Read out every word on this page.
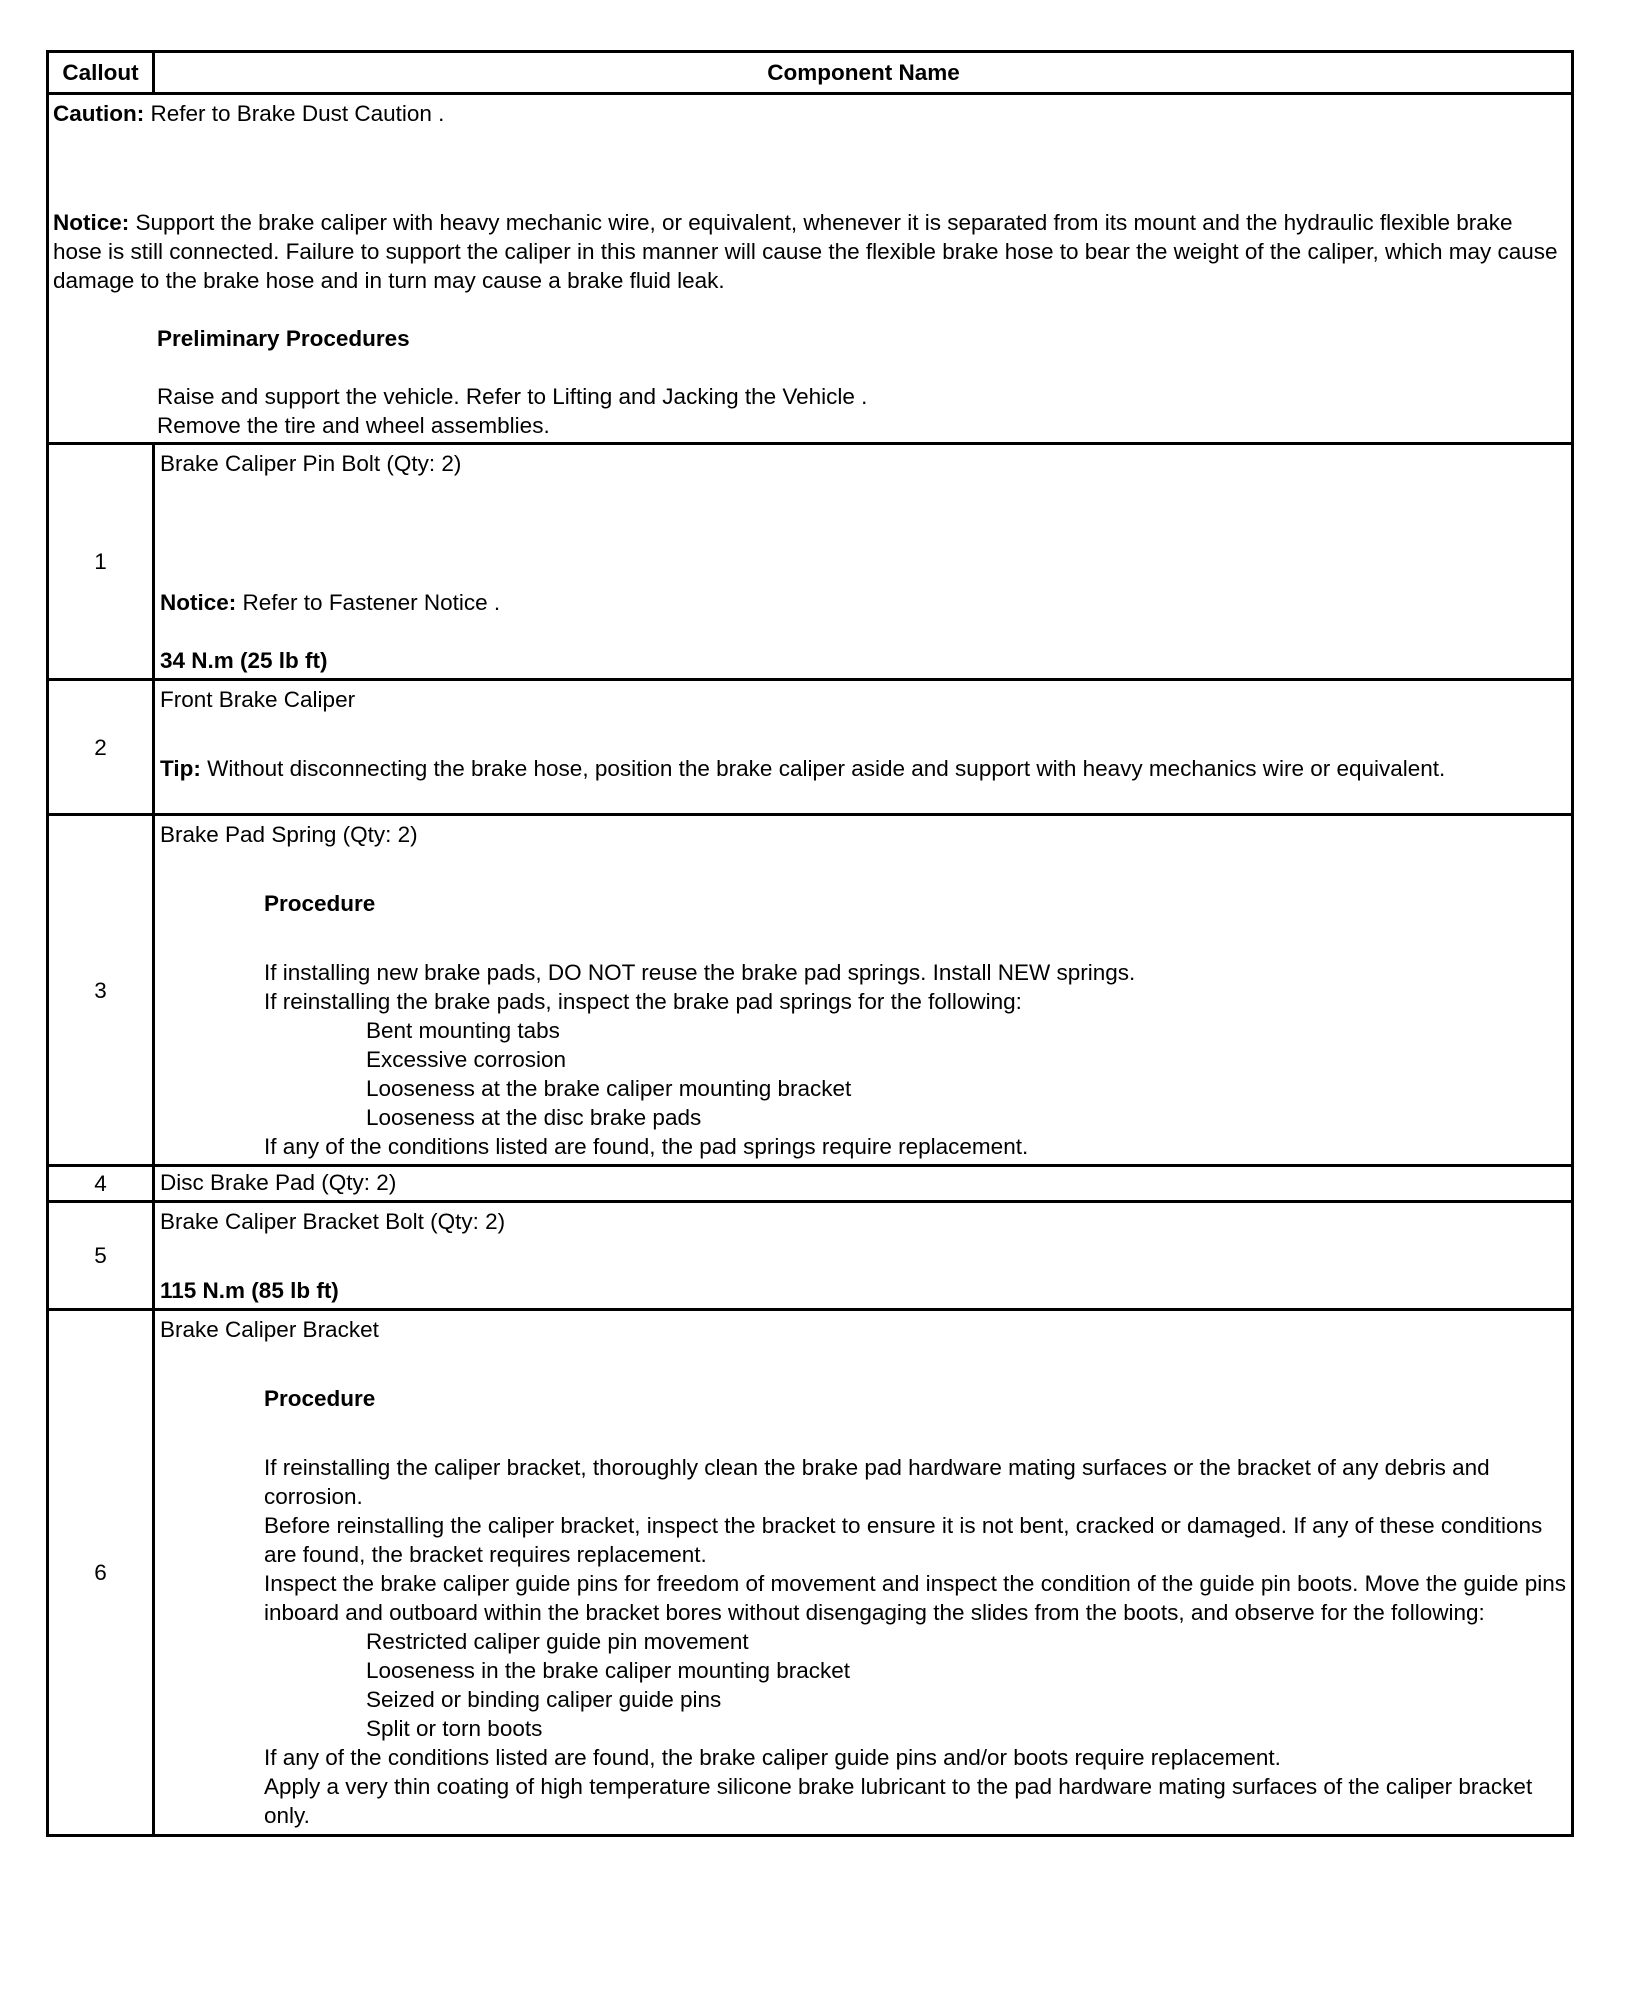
Callout	Component Name
Caution: Refer to Brake Dust Caution .
Notice: Support the brake caliper with heavy mechanic wire, or equivalent, whenever it is separated from its mount and the hydraulic flexible brake hose is still connected. Failure to support the caliper in this manner will cause the flexible brake hose to bear the weight of the caliper, which may cause damage to the brake hose and in turn may cause a brake fluid leak.
Preliminary Procedures
Raise and support the vehicle. Refer to Lifting and Jacking the Vehicle .
Remove the tire and wheel assemblies.
1
Brake Caliper Pin Bolt (Qty: 2)
Notice: Refer to Fastener Notice .
34 N.m (25 lb ft)
2
Front Brake Caliper
Tip: Without disconnecting the brake hose, position the brake caliper aside and support with heavy mechanics wire or equivalent.
3
Brake Pad Spring (Qty: 2)
Procedure
If installing new brake pads, DO NOT reuse the brake pad springs. Install NEW springs.
If reinstalling the brake pads, inspect the brake pad springs for the following:
Bent mounting tabs
Excessive corrosion
Looseness at the brake caliper mounting bracket
Looseness at the disc brake pads
If any of the conditions listed are found, the pad springs require replacement.
4	Disc Brake Pad (Qty: 2)
5
Brake Caliper Bracket Bolt (Qty: 2)
115 N.m (85 lb ft)
6
Brake Caliper Bracket
Procedure
If reinstalling the caliper bracket, thoroughly clean the brake pad hardware mating surfaces or the bracket of any debris and corrosion.
Before reinstalling the caliper bracket, inspect the bracket to ensure it is not bent, cracked or damaged. If any of these conditions are found, the bracket requires replacement.
Inspect the brake caliper guide pins for freedom of movement and inspect the condition of the guide pin boots. Move the guide pins inboard and outboard within the bracket bores without disengaging the slides from the boots, and observe for the following:
Restricted caliper guide pin movement
Looseness in the brake caliper mounting bracket
Seized or binding caliper guide pins
Split or torn boots
If any of the conditions listed are found, the brake caliper guide pins and/or boots require replacement.
Apply a very thin coating of high temperature silicone brake lubricant to the pad hardware mating surfaces of the caliper bracket only.
